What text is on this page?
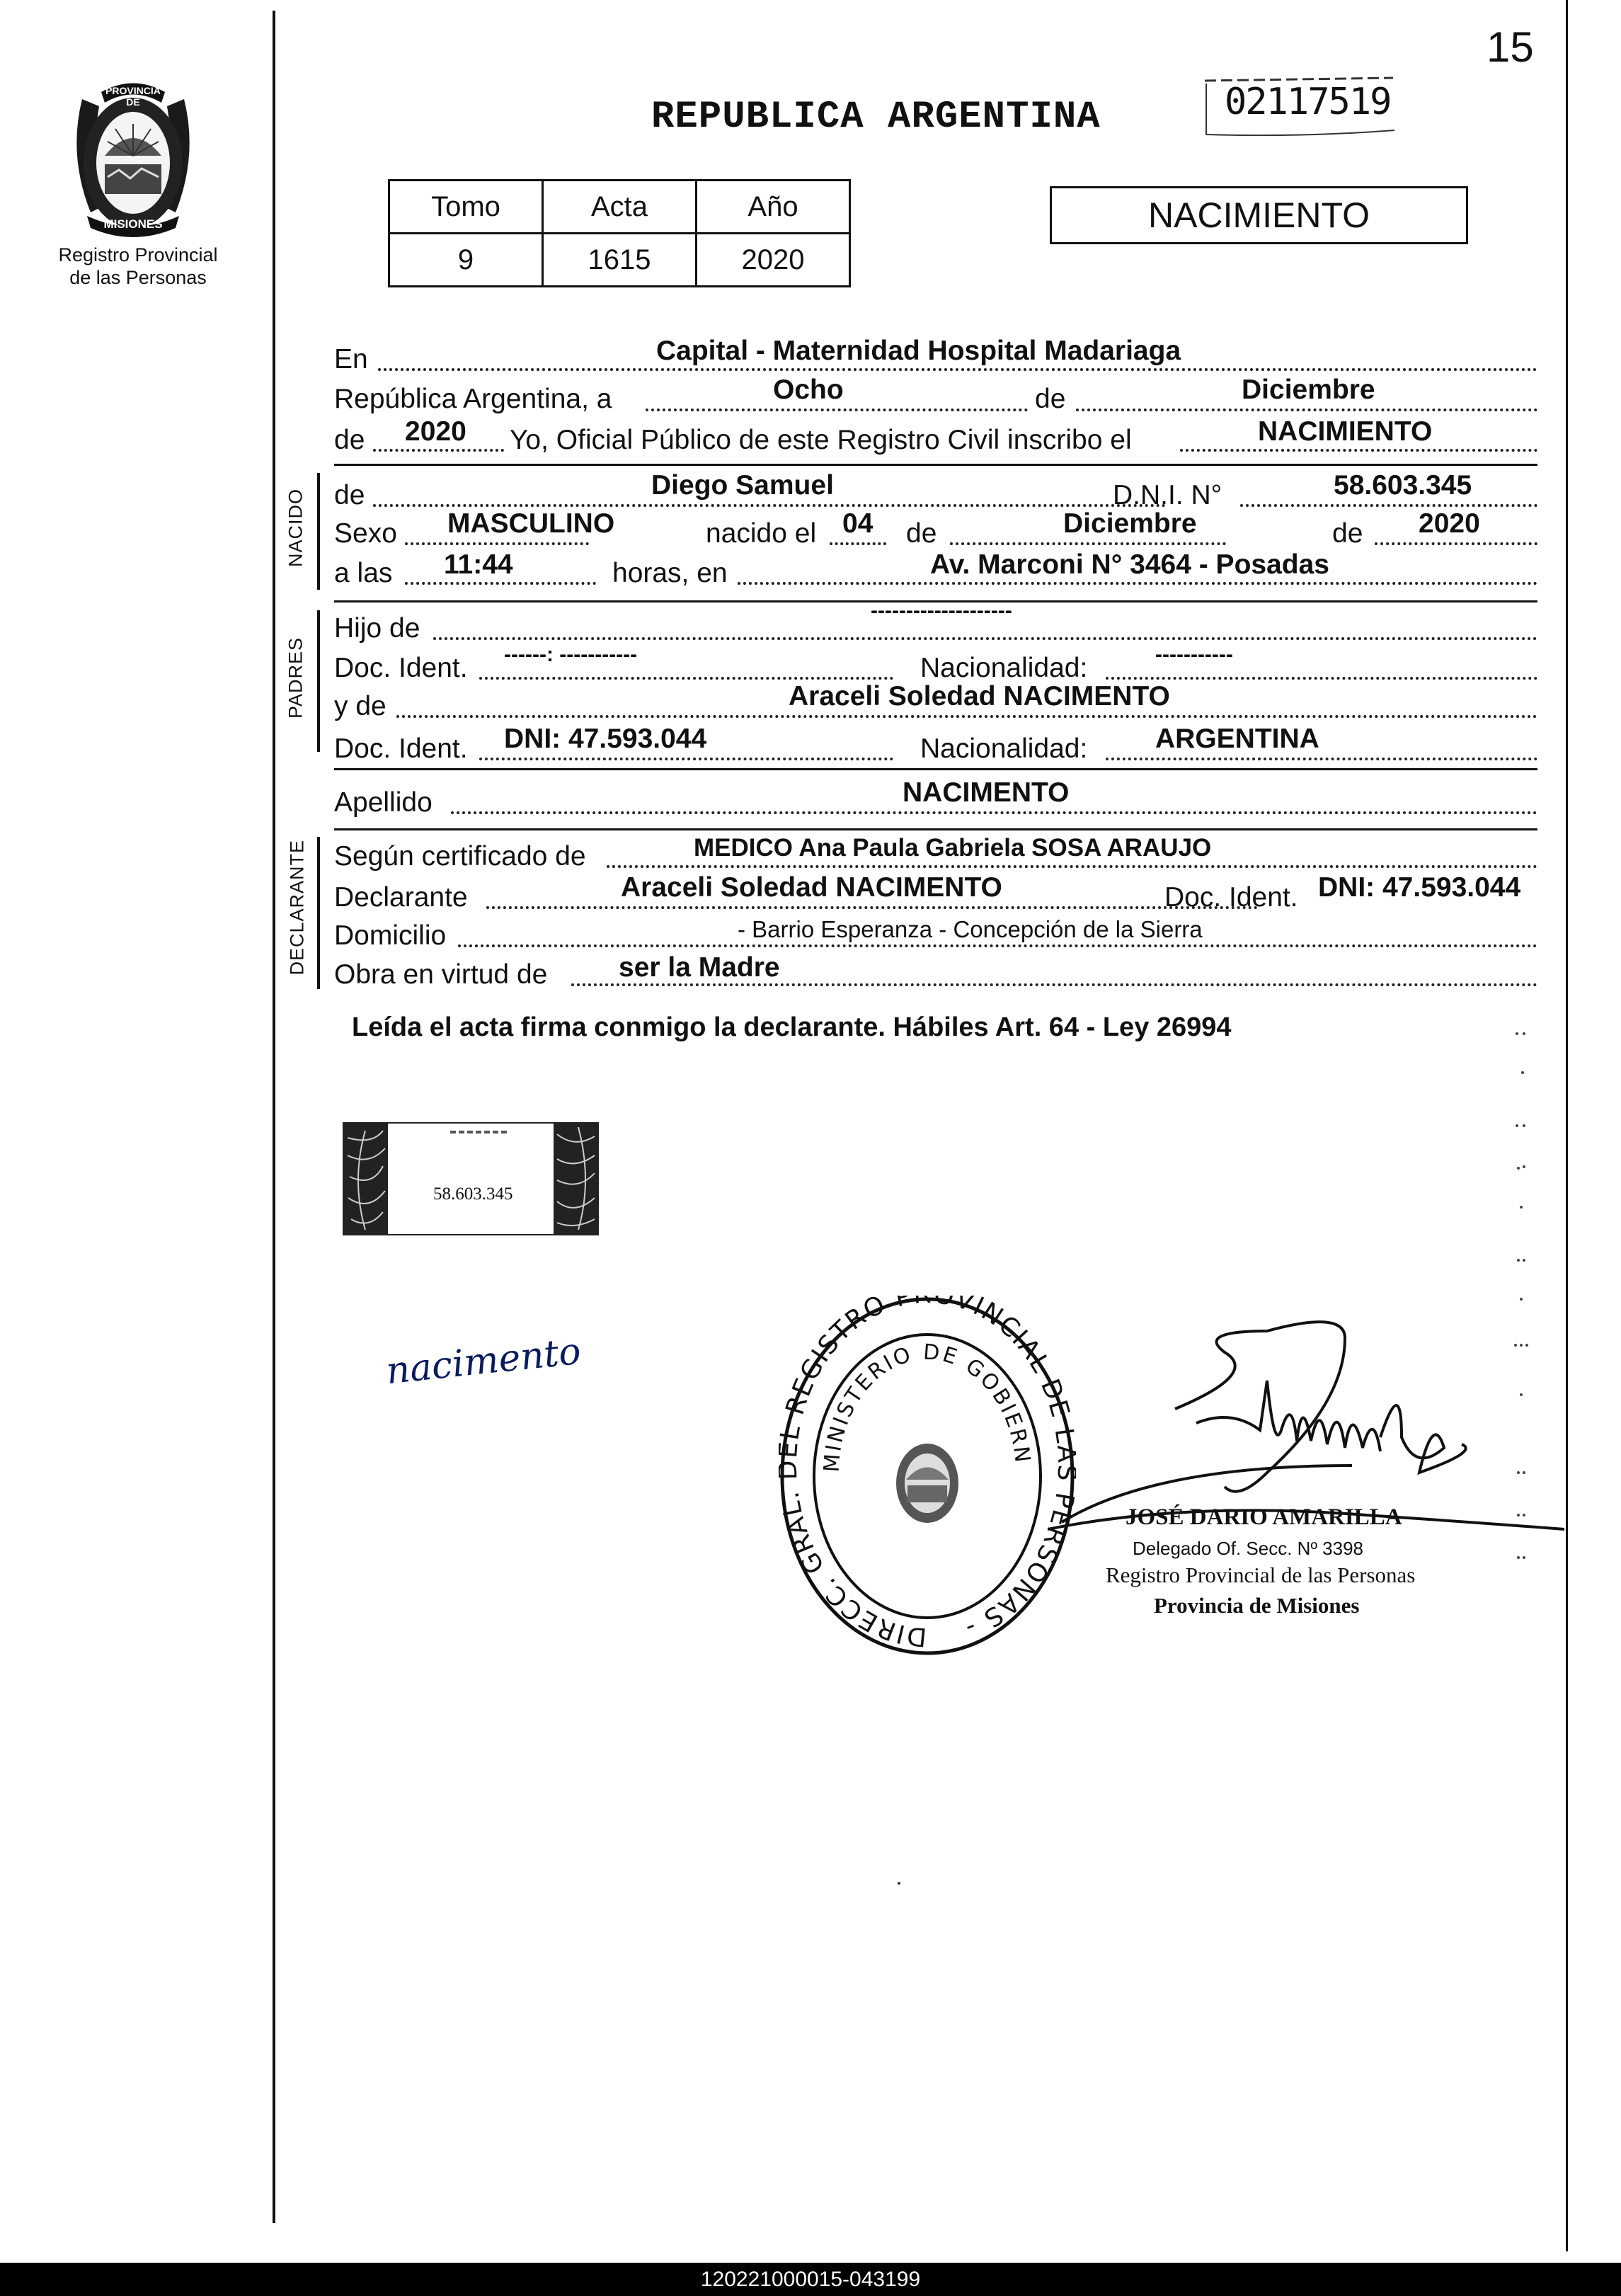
15
02117519
REPUBLICA ARGENTINA
PROVINCIA DE
MISIONES
Registro Provincial
de las Personas
Tomo	Acta	Año
9	1615	2020
NACIMIENTO
En	Capital - Maternidad Hospital Madariaga
República Argentina, a	Ocho	de	Diciembre
de 2020 Yo, Oficial Público de este Registro Civil inscribo el	NACIMIENTO
NACIDO de	Diego Samuel	D.N.I. N°	58.603.345
Sexo MASCULINO	nacido el 04 de	Diciembre	de 2020
a las 11:44	horas, en	Av. Marconi N° 3464 - Posadas
PADRES
Hijo de
--------------------
Doc. Ident. ------: -----------	Nacionalidad:	-----------
y de	Araceli Soledad NACIMENTO
Doc. Ident. DNI: 47.593.044	Nacionalidad: ARGENTINA
Apellido	NACIMENTO
DECLARANTE Según certificado de	MEDICO Ana Paula Gabriela SOSA ARAUJO
Declarante	Araceli Soledad NACIMENTO	Doc. Ident. DNI: 47.593.044
Domicilio	- Barrio Esperanza - Concepción de la Sierra
Obra en virtud de	ser la Madre
Leída el acta firma conmigo la declarante. Hábiles Art. 64 - Ley 26994
58.603.345
nacimento
DIRECC. GRAL REGISTRO P OVINCIAL DE ERSONAS -
MINISTERIO DE GOBIERN
JOSÉ DARIO AMARILLA
Delegado Of. Secc. Nº 3398
Registro Provincial de las Personas
Provincia de Misiones
120221000015-043199
